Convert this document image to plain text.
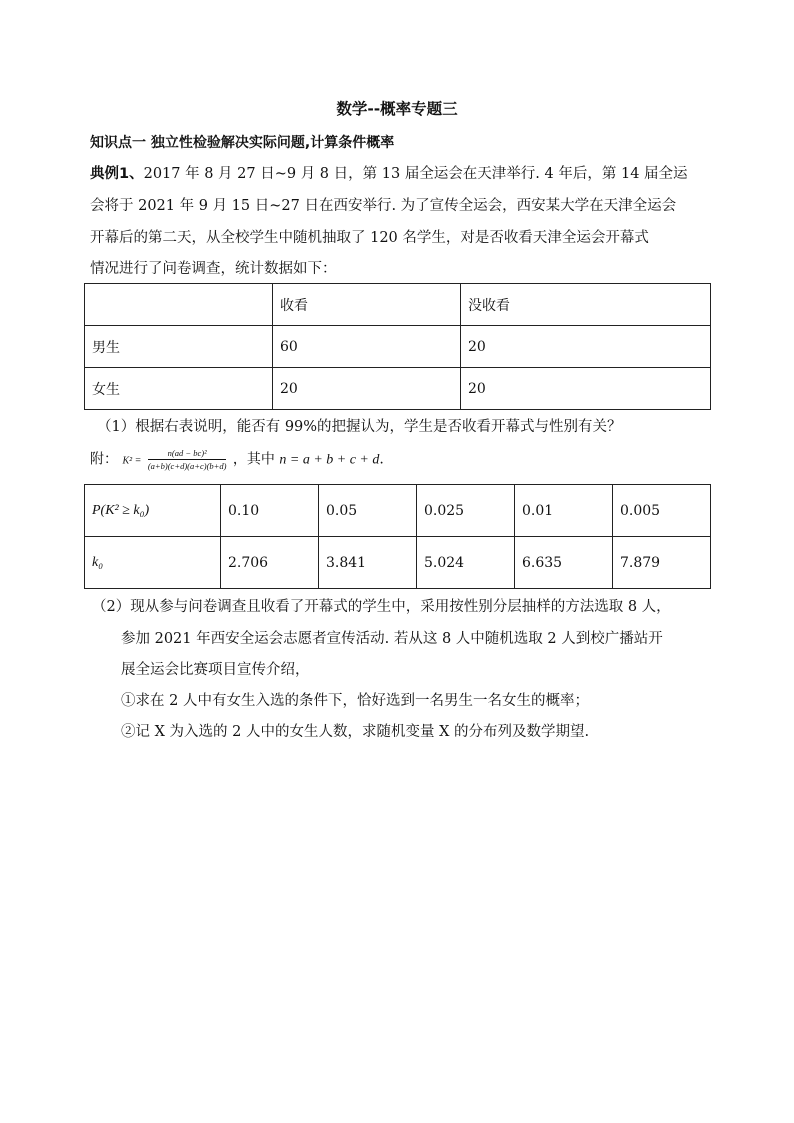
数学--概率专题三
知识点一 独立性检验解决实际问题,计算条件概率
典例1、2017 年 8 月 27 日~9 月 8 日，第 13 届全运会在天津举行. 4 年后，第 14 届全运
会将于 2021 年 9 月 15 日~27 日在西安举行. 为了宣传全运会，西安某大学在天津全运会
开幕后的第二天，从全校学生中随机抽取了 120 名学生，对是否收看天津全运会开幕式
情况进行了问卷调查，统计数据如下：
	收看	没收看
男生	60	20
女生	20	20
（1）根据右表说明，能否有 99%的把握认为，学生是否收看开幕式与性别有关？
附： $K^2 = \frac{\text{n(ad − bc)²}}{(a+b)(c+d)(a+c)(b+d)}$ ，其中 n = a + b + c + d.
P(K² ≥ k₀)	0.10	0.05	0.025	0.01	0.005
k₀	2.706	3.841	5.024	6.635	7.879
（2）现从参与问卷调查且收看了开幕式的学生中，采用按性别分层抽样的方法选取 8 人，
参加 2021 年西安全运会志愿者宣传活动. 若从这 8 人中随机选取 2 人到校广播站开
展全运会比赛项目宣传介绍，
①求在 2 人中有女生入选的条件下，恰好选到一名男生一名女生的概率；
②记 X 为入选的 2 人中的女生人数，求随机变量 X 的分布列及数学期望.
